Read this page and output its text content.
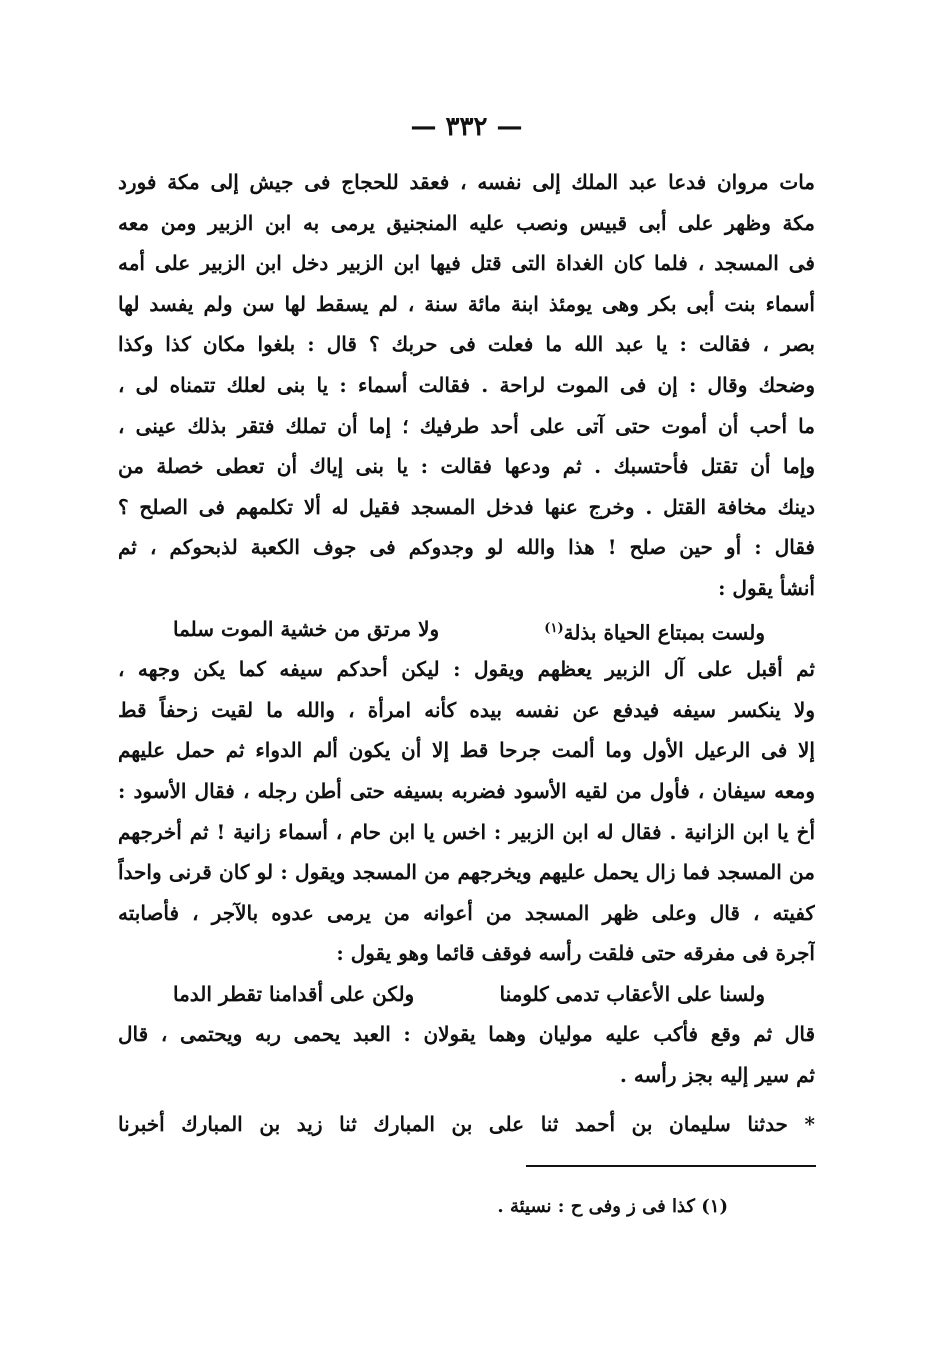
— ٣٣٢ —
مات مروان فدعا عبد الملك إلى نفسه ، فعقد للحجاج فى جيش إلى مكة فورد
مكة وظهر على أبى قبيس ونصب عليه المنجنيق يرمى به ابن الزبير ومن معه
فى المسجد ، فلما كان الغداة التى قتل فيها ابن الزبير دخل ابن الزبير على أمه
أسماء بنت أبى بكر وهى يومئذ ابنة مائة سنة ، لم يسقط لها سن ولم يفسد لها
بصر ، فقالت : يا عبد الله ما فعلت فى حربك ؟ قال : بلغوا مكان كذا وكذا
وضحك وقال : إن فى الموت لراحة . فقالت أسماء : يا بنى لعلك تتمناه لى ،
ما أحب أن أموت حتى آتى على أحد طرفيك ؛ إما أن تملك فتقر بذلك عينى ،
وإما أن تقتل فأحتسبك . ثم ودعها فقالت : يا بنى إياك أن تعطى خصلة من
دينك مخافة القتل . وخرج عنها فدخل المسجد فقيل له ألا تكلمهم فى الصلح ؟
فقال : أو حين صلح ! هذا والله لو وجدوكم فى جوف الكعبة لذبحوكم ، ثم
أنشأ يقول :
ولست بمبتاع الحياة بذلة$^{(١)}$
ولا مرتق من خشية الموت سلما
ثم أقبل على آل الزبير يعظهم ويقول : ليكن أحدكم سيفه كما يكن وجهه ،
ولا ينكسر سيفه فيدفع عن نفسه بيده كأنه امرأة ، والله ما لقيت زحفاً قط
إلا فى الرعيل الأول وما ألمت جرحا قط إلا أن يكون ألم الدواء ثم حمل عليهم
ومعه سيفان ، فأول من لقيه الأسود فضربه بسيفه حتى أطن رجله ، فقال الأسود :
أخ يا ابن الزانية . فقال له ابن الزبير : اخس يا ابن حام ، أسماء زانية ! ثم أخرجهم
من المسجد فما زال يحمل عليهم ويخرجهم من المسجد ويقول : لو كان قرنى واحداً
كفيته ، قال وعلى ظهر المسجد من أعوانه من يرمى عدوه بالآجر ، فأصابته
آجرة فى مفرقه حتى فلقت رأسه فوقف قائما وهو يقول :
ولسنا على الأعقاب تدمى كلومنا
ولكن على أقدامنا تقطر الدما
قال ثم وقع فأكب عليه موليان وهما يقولان : العبد يحمى ربه ويحتمى ، قال
ثم سير إليه بجز رأسه .
* حدثنا سليمان بن أحمد ثنا على بن المبارك ثنا زيد بن المبارك أخبرنا
(١) كذا فى ز وفى ح : نسيئة .
